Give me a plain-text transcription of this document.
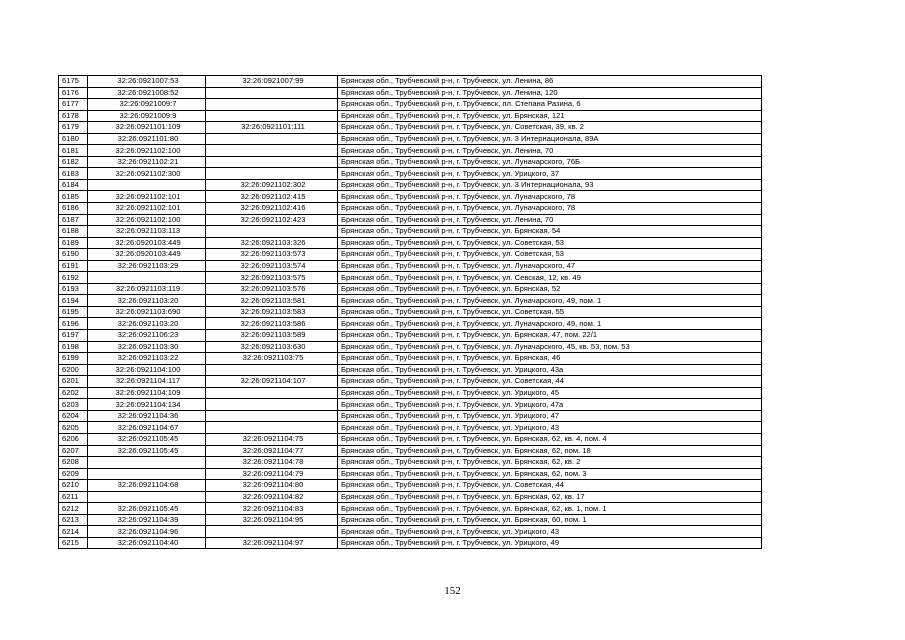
6175	32:26:0921007:53	32:26:0921007:99	Брянская обл., Трубчевский р-н, г. Трубчевск, ул. Ленина, 86
6176	32:26:0921008:52		Брянская обл., Трубчевский р-н, г. Трубчевск, ул. Ленина, 120
6177	32:26:0921009:7		Брянская обл., Трубчевский р-н, г. Трубчевск, пл. Степана Разина, 6
6178	32:26:0921009:9		Брянская обл., Трубчевский р-н, г. Трубчевск, ул. Брянская, 121
6179	32:26:0921101:109	32:26:0921101:111	Брянская обл., Трубчевский р-н, г. Трубчевск, ул. Советская, 39, кв. 2
6180	32:26:0921101:80		Брянская обл., Трубчевский р-н, г. Трубчевск, ул. 3 Интернационала, 89А
6181	32:26:0921102:100		Брянская обл., Трубчевский р-н, г. Трубчевск, ул. Ленина, 70
6182	32:26:0921102:21		Брянская обл., Трубчевский р-н, г. Трубчевск, ул. Луначарского, 76Б
6183	32:26:0921102:300		Брянская обл., Трубчевский р-н, г. Трубчевск, ул. Урицкого, 37
6184		32:26:0921102:302	Брянская обл., Трубчевский р-н, г. Трубчевск, ул. 3 Интернационала, 93
6185	32:26:0921102:101	32:26:0921102:415	Брянская обл., Трубчевский р-н, г. Трубчевск, ул. Луначарского, 78
6186	32:26:0921102:101	32:26:0921102:416	Брянская обл., Трубчевский р-н, г. Трубчевск, ул. Луначарского, 78
6187	32:26:0921102:100	32:26:0921102:423	Брянская обл., Трубчевский р-н, г. Трубчевск, ул. Ленина, 70
6188	32:26:0921103:113		Брянская обл., Трубчевский р-н, г. Трубчевск, ул. Брянская, 54
6189	32:26:0920103:449	32:26:0921103:326	Брянская обл., Трубчевский р-н, г. Трубчевск, ул. Советская, 53
6190	32:26:0920103:449	32:26:0921103:573	Брянская обл., Трубчевский р-н, г. Трубчевск, ул. Советская, 53
6191	32:26:0921103:29	32:26:0921103:574	Брянская обл., Трубчевский р-н, г. Трубчевск, ул. Луначарского, 47
6192		32:26:0921103:575	Брянская обл., Трубчевский р-н, г. Трубчевск, ул. Севская, 12, кв. 49
6193	32:26:0921103:119	32:26:0921103:576	Брянская обл., Трубчевский р-н, г. Трубчевск, ул. Брянская, 52
6194	32:26:0921103:20	32:26:0921103:581	Брянская обл., Трубчевский р-н, г. Трубчевск, ул. Луначарского, 49, пом. 1
6195	32:26:0921103:690	32:26:0921103:583	Брянская обл., Трубчевский р-н, г. Трубчевск, ул. Советская, 55
6196	32:26:0921103:20	32:26:0921103:586	Брянская обл., Трубчевский р-н, г. Трубчевск, ул. Луначарского, 49, пом. 1
6197	32:26:0921106:23	32:26:0921103:589	Брянская обл., Трубчевский р-н, г. Трубчевск, ул. Брянская, 47, пом. 22/1
6198	32:26:0921103:30	32:26:0921103:630	Брянская обл., Трубчевский р-н, г. Трубчевск, ул. Луначарского, 45, кв. 53, пом. 53
6199	32:26:0921103:22	32:26:0921103:75	Брянская обл., Трубчевский р-н, г. Трубчевск, ул. Брянская, 46
6200	32:26:0921104:100		Брянская обл., Трубчевский р-н, г. Трубчевск, ул. Урицкого, 43а
6201	32:26:0921104:117	32:26:0921104:107	Брянская обл., Трубчевский р-н, г. Трубчевск, ул. Советская, 44
6202	32:26:0921104:109		Брянская обл., Трубчевский р-н, г. Трубчевск, ул. Урицкого, 45
6203	32:26:0921104:134		Брянская обл., Трубчевский р-н, г. Трубчевск, ул. Урицкого, 47а
6204	32:26:0921104:36		Брянская обл., Трубчевский р-н, г. Трубчевск, ул. Урицкого, 47
6205	32:26:0921104:67		Брянская обл., Трубчевский р-н, г. Трубчевск, ул. Урицкого, 43
6206	32:26:0921105:45	32:26:0921104:75	Брянская обл., Трубчевский р-н, г. Трубчевск, ул. Брянская, 62, кв. 4, пом. 4
6207	32:26:0921105:45	32:26:0921104:77	Брянская обл., Трубчевский р-н, г. Трубчевск, ул. Брянская, 62, пом. 18
6208		32:26:0921104:78	Брянская обл., Трубчевский р-н, г. Трубчевск, ул. Брянская, 62, кв. 2
6209		32:26:0921104:79	Брянская обл., Трубчевский р-н, г. Трубчевск, ул. Брянская, 62, пом. 3
6210	32:26:0921104:68	32:26:0921104:80	Брянская обл., Трубчевский р-н, г. Трубчевск, ул. Советская, 44
6211		32:26:0921104:82	Брянская обл., Трубчевский р-н, г. Трубчевск, ул. Брянская, 62, кв. 17
6212	32:26:0921105:45	32:26:0921104:83	Брянская обл., Трубчевский р-н, г. Трубчевск, ул. Брянская, 62, кв. 1, пом. 1
6213	32:26:0921104:39	32:26:0921104:95	Брянская обл., Трубчевский р-н, г. Трубчевск, ул. Брянская, 60, пом. 1
6214	32:26:0921104:96		Брянская обл., Трубчевский р-н, г. Трубчевск, ул. Урицкого, 43
6215	32:26:0921104:40	32:26:0921104:97	Брянская обл., Трубчевский р-н, г. Трубчевск, ул. Урицкого, 49
152
